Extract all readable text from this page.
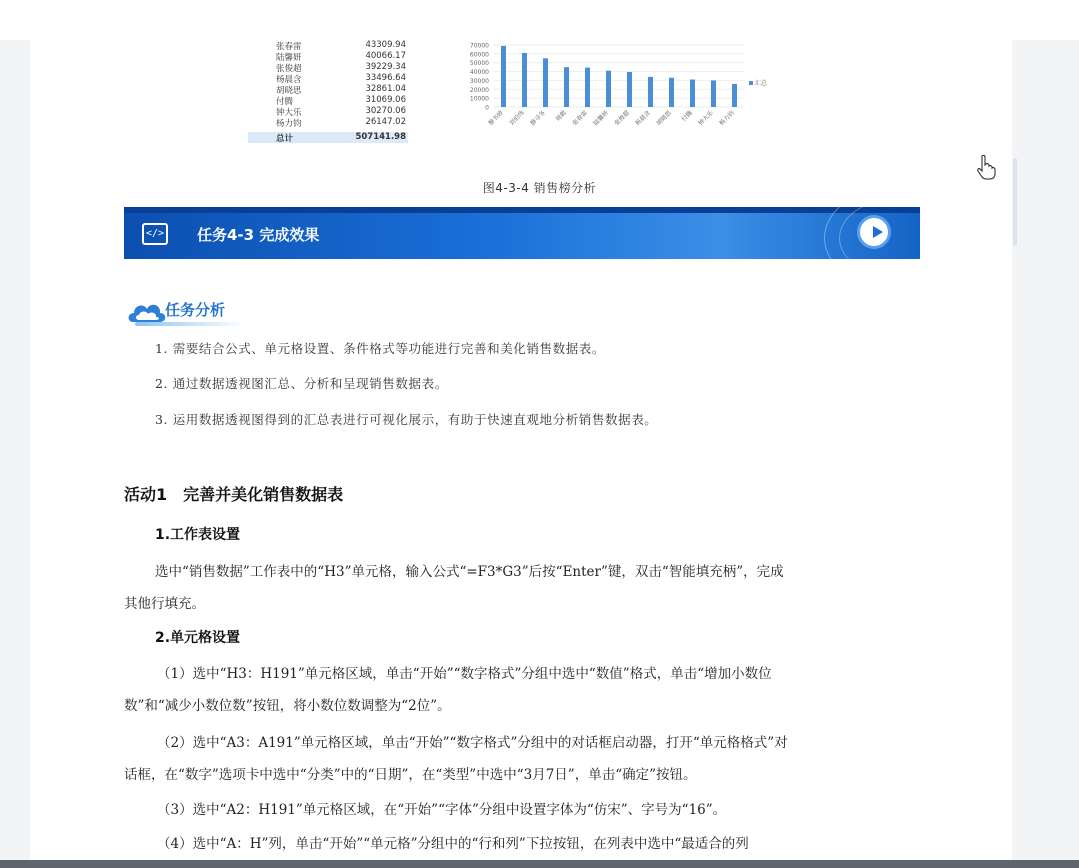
张春雷	43309.94
陆馨妍	40066.17
张俊超	39229.34
杨晨含	33496.64
胡晓思	32861.04
付腾	31069.06
钟大乐	30270.06
杨力钧	26147.02
总计	507141.98
0
10000
20000
30000
40000
50000
60000
70000
黎书婷 刘伯伟 静寻冬 周鹤 张春雷 陆馨妍 张俊超 杨晨含 胡晓思 付腾 钟大乐 杨力钧
汇总
图4-3-4 销售榜分析
</> 任务4-3 完成效果
任务分析
1. 需要结合公式、单元格设置、条件格式等功能进行完善和美化销售数据表。
2. 通过数据透视图汇总、分析和呈现销售数据表。
3. 运用数据透视图得到的汇总表进行可视化展示，有助于快速直观地分析销售数据表。
活动1　完善并美化销售数据表
1.工作表设置
选中“销售数据”工作表中的“H3”单元格，输入公式“=F3*G3”后按“Enter”键，双击“智能填充柄”，完成
其他行填充。
2.单元格设置
（1）选中“H3：H191”单元格区域，单击“开始”“数字格式”分组中选中“数值”格式，单击“增加小数位
数”和“减少小数位数”按钮，将小数位数调整为“2位”。
（2）选中“A3：A191”单元格区域，单击“开始”“数字格式”分组中的对话框启动器，打开“单元格格式”对
话框，在“数字”选项卡中选中“分类”中的“日期”，在“类型”中选中“3月7日”，单击“确定”按钮。
（3）选中“A2：H191”单元格区域，在“开始”“字体”分组中设置字体为“仿宋”、字号为“16”。
（4）选中“A：H”列，单击“开始”“单元格”分组中的“行和列”下拉按钮，在列表中选中“最适合的列
